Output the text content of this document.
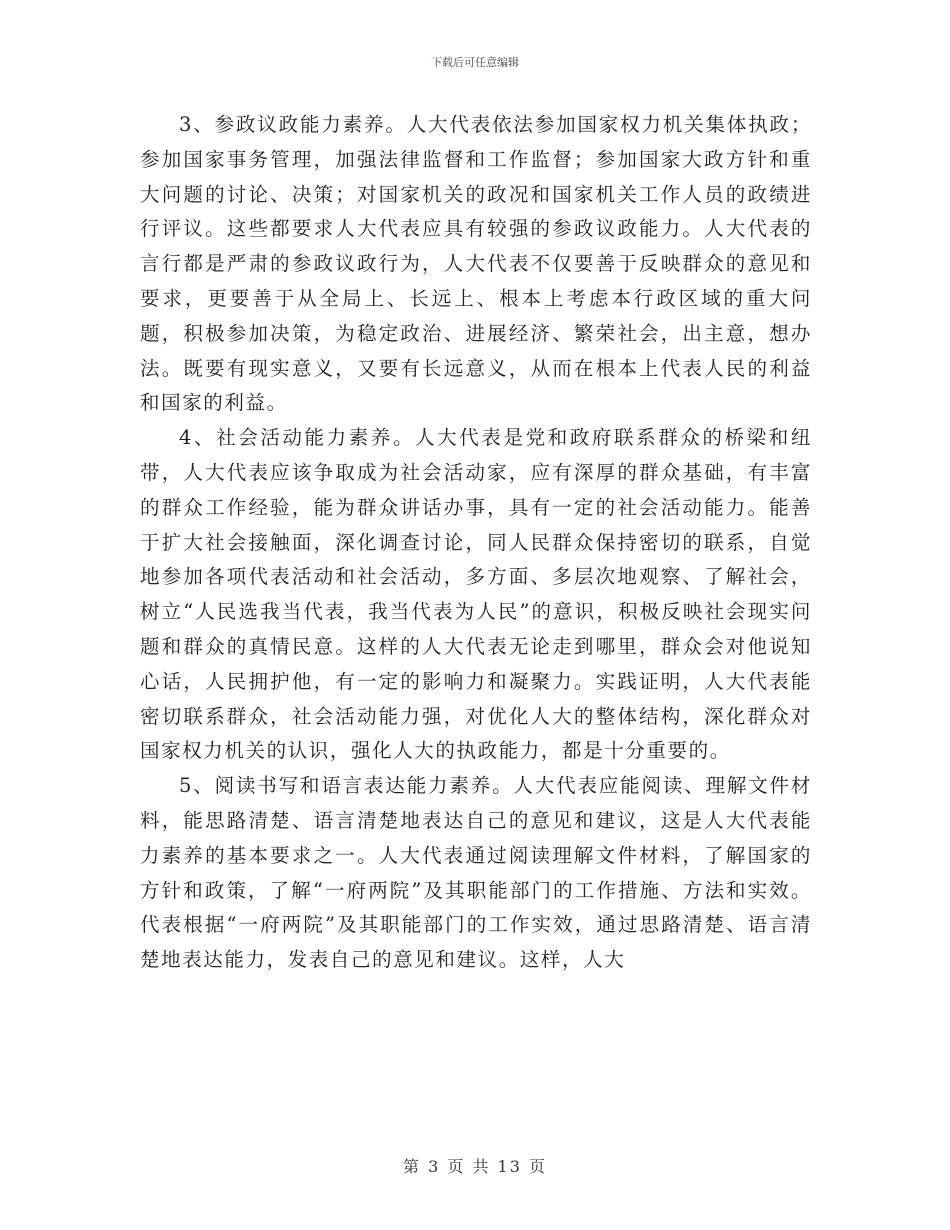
下载后可任意编辑

3、参政议政能力素养。人大代表依法参加国家权力机关集体执政；参加国家事务管理，加强法律监督和工作监督；参加国家大政方针和重大问题的讨论、决策；对国家机关的政况和国家机关工作人员的政绩进行评议。这些都要求人大代表应具有较强的参政议政能力。人大代表的言行都是严肃的参政议政行为，人大代表不仅要善于反映群众的意见和要求，更要善于从全局上、长远上、根本上考虑本行政区域的重大问题，积极参加决策，为稳定政治、进展经济、繁荣社会，出主意，想办法。既要有现实意义，又要有长远意义，从而在根本上代表人民的利益和国家的利益。

4、社会活动能力素养。人大代表是党和政府联系群众的桥梁和纽带，人大代表应该争取成为社会活动家，应有深厚的群众基础，有丰富的群众工作经验，能为群众讲话办事，具有一定的社会活动能力。能善于扩大社会接触面，深化调查讨论，同人民群众保持密切的联系，自觉地参加各项代表活动和社会活动，多方面、多层次地观察、了解社会，树立“人民选我当代表，我当代表为人民”的意识，积极反映社会现实问题和群众的真情民意。这样的人大代表无论走到哪里，群众会对他说知心话，人民拥护他，有一定的影响力和凝聚力。实践证明，人大代表能密切联系群众，社会活动能力强，对优化人大的整体结构，深化群众对国家权力机关的认识，强化人大的执政能力，都是十分重要的。

5、阅读书写和语言表达能力素养。人大代表应能阅读、理解文件材料，能思路清楚、语言清楚地表达自己的意见和建议，这是人大代表能力素养的基本要求之一。人大代表通过阅读理解文件材料，了解国家的方针和政策，了解“一府两院”及其职能部门的工作措施、方法和实效。代表根据“一府两院”及其职能部门的工作实效，通过思路清楚、语言清楚地表达能力，发表自己的意见和建议。这样，人大

第 3 页 共 13 页
